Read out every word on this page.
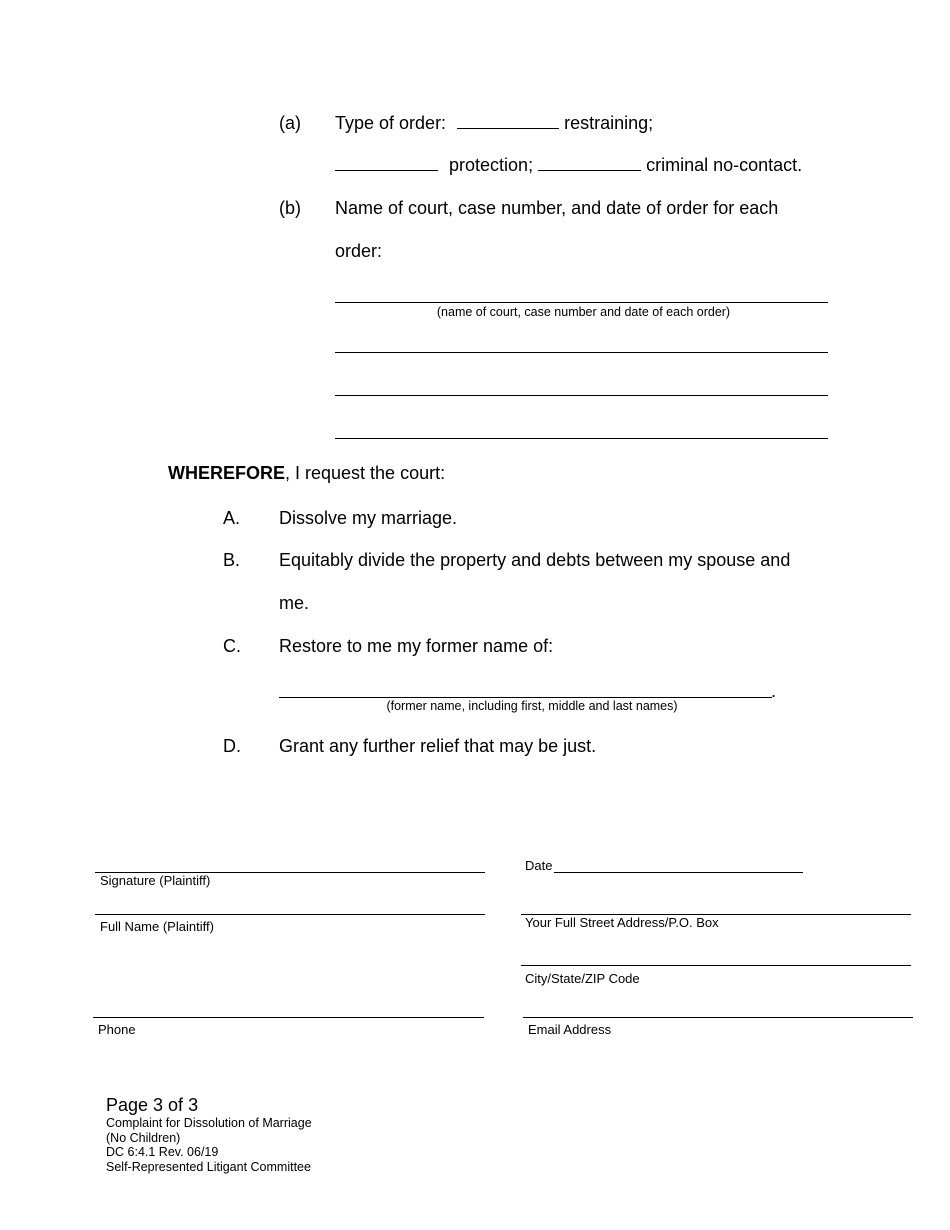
(a) Type of order:	restraining;
protection;	criminal no-contact.
(b) Name of court, case number, and date of order for each
order:
(name of court, case number and date of each order)
WHEREFORE, I request the court:
A. Dissolve my marriage.
B. Equitably divide the property and debts between my spouse and
me.
C. Restore to me my former name of:
.
(former name, including first, middle and last names)
D. Grant any further relief that may be just.
Signature (Plaintiff)
Full Name (Plaintiff)
Phone
Date
Your Full Street Address/P.O. Box
City/State/ZIP Code
Email Address
Page 3 of 3
Complaint for Dissolution of Marriage
(No Children)
DC 6:4.1 Rev. 06/19
Self-Represented Litigant Committee
